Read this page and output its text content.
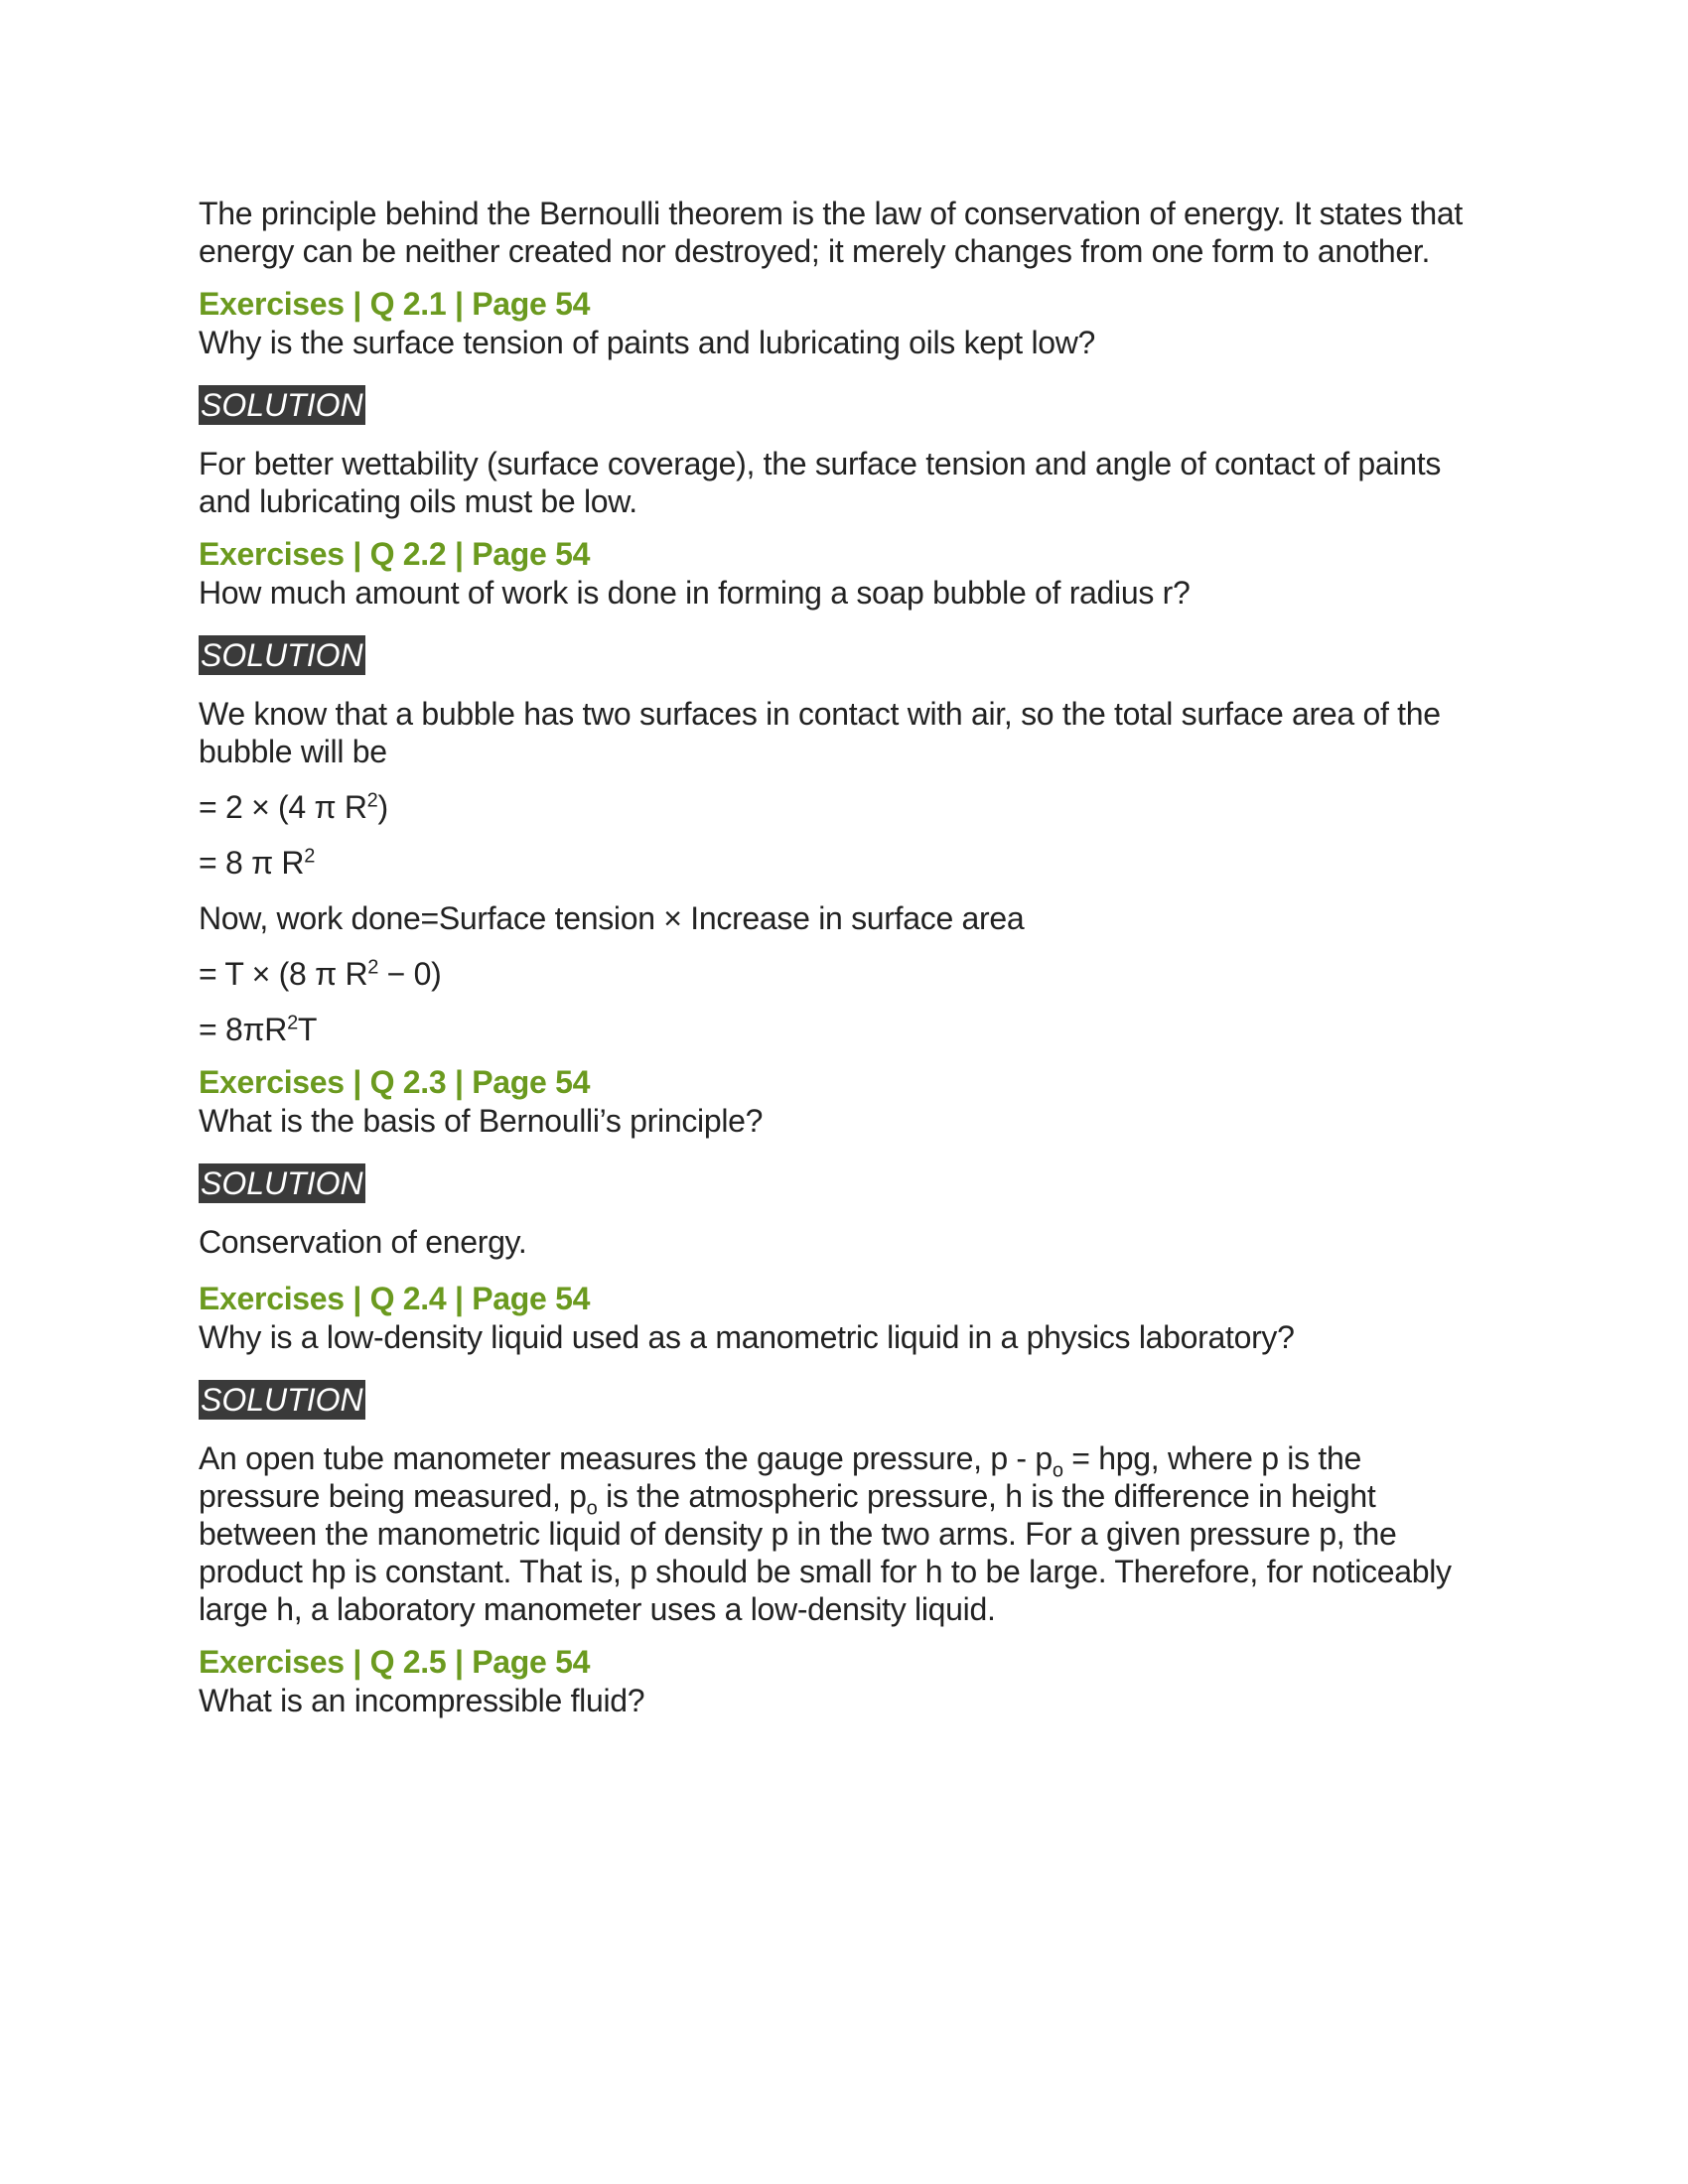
The principle behind the Bernoulli theorem is the law of conservation of energy. It states that energy can be neither created nor destroyed; it merely changes from one form to another.

Exercises | Q 2.1 | Page 54

Why is the surface tension of paints and lubricating oils kept low?

SOLUTION

For better wettability (surface coverage), the surface tension and angle of contact of paints and lubricating oils must be low.

Exercises | Q 2.2 | Page 54

How much amount of work is done in forming a soap bubble of radius r?

SOLUTION

We know that a bubble has two surfaces in contact with air, so the total surface area of the bubble will be

= 2 × (4 π $R^2$)

= 8 π $R^2$

Now, work done=Surface tension × Increase in surface area

= T × (8 π $R^2 - 0$)

= $8\pi R^2T$

Exercises | Q 2.3 | Page 54

What is the basis of Bernoulli’s principle?

SOLUTION

Conservation of energy.

Exercises | Q 2.4 | Page 54

Why is a low-density liquid used as a manometric liquid in a physics laboratory?

SOLUTION

An open tube manometer measures the gauge pressure, p - $p_o$ = hpg, where p is the pressure being measured, $p_o$ is the atmospheric pressure, h is the difference in height between the manometric liquid of density p in the two arms. For a given pressure p, the product hp is constant. That is, p should be small for h to be large. Therefore, for noticeably large h, a laboratory manometer uses a low-density liquid.

Exercises | Q 2.5 | Page 54

What is an incompressible fluid?
